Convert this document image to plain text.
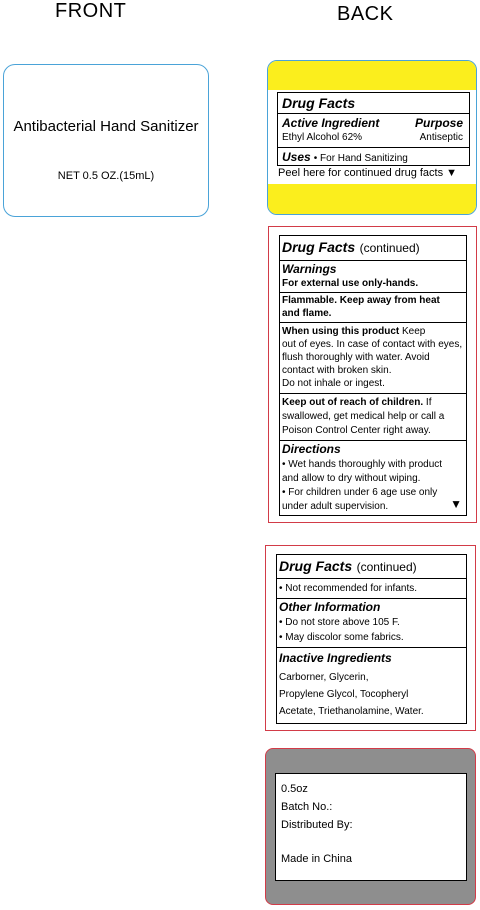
FRONT	BACK
Antibacterial Hand Sanitizer
NET 0.5 OZ.(15mL)
Drug Facts
Active Ingredient	Purpose
Ethyl Alcohol 62%	Antiseptic
Uses • For Hand Sanitizing
Peel here for continued drug facts ▼
Drug Facts (continued)
Warnings
For external use only-hands.
Flammable. Keep away from heat
and flame.
When using this product Keep
out of eyes. In case of contact with eyes,
flush thoroughly with water. Avoid
contact with broken skin.
Do not inhale or ingest.
Keep out of reach of children. If
swallowed, get medical help or call a
Poison Control Center right away.
Directions
• Wet hands thoroughly with product
and allow to dry without wiping.
• For children under 6 age use only
under adult supervision.	▼
Drug Facts (continued)
• Not recommended for infants.
Other Information
• Do not store above 105 F.
• May discolor some fabrics.
Inactive Ingredients
Carborner, Glycerin,
Propylene Glycol, Tocopheryl
Acetate, Triethanolamine, Water.
0.5oz
Batch No.:
Distributed By:
Made in China
